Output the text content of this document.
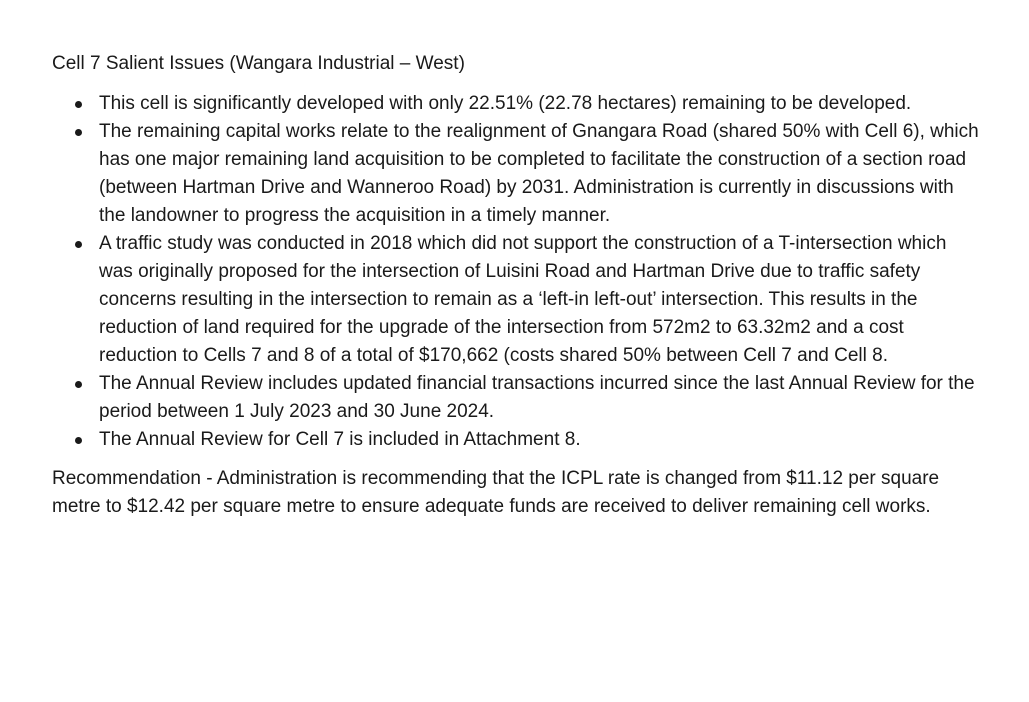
Cell 7 Salient Issues (Wangara Industrial – West)

This cell is significantly developed with only 22.51% (22.78 hectares) remaining to be developed.
The remaining capital works relate to the realignment of Gnangara Road (shared 50% with Cell 6), which has one major remaining land acquisition to be completed to facilitate the construction of a section road (between Hartman Drive and Wanneroo Road) by 2031. Administration is currently in discussions with the landowner to progress the acquisition in a timely manner.
A traffic study was conducted in 2018 which did not support the construction of a T-intersection which was originally proposed for the intersection of Luisini Road and Hartman Drive due to traffic safety concerns resulting in the intersection to remain as a ‘left-in left-out’ intersection. This results in the reduction of land required for the upgrade of the intersection from 572m2 to 63.32m2 and a cost reduction to Cells 7 and 8 of a total of $170,662 (costs shared 50% between Cell 7 and Cell 8.
The Annual Review includes updated financial transactions incurred since the last Annual Review for the period between 1 July 2023 and 30 June 2024.
The Annual Review for Cell 7 is included in Attachment 8.

Recommendation - Administration is recommending that the ICPL rate is changed from $11.12 per square metre to $12.42 per square metre to ensure adequate funds are received to deliver remaining cell works.
